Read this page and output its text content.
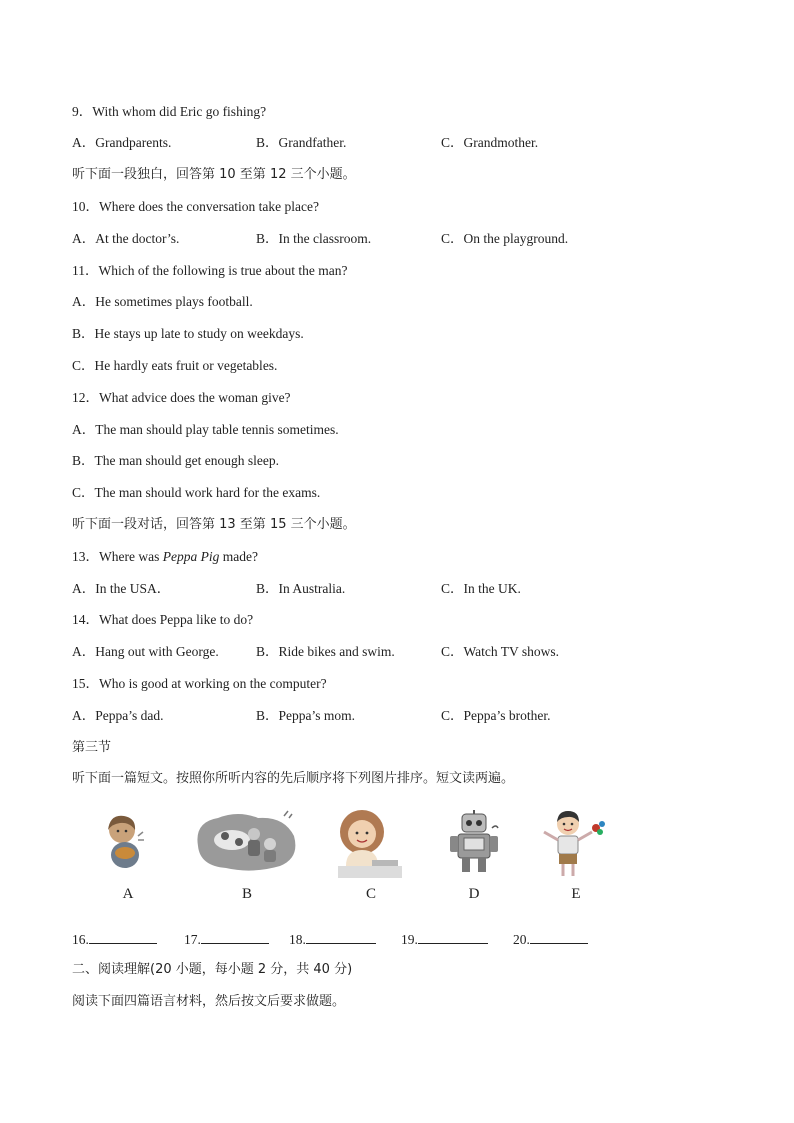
9．With whom did Eric go fishing?
A．Grandparents.	B．Grandfather.	C．Grandmother.
听下面一段独白，回答第 10 至第 12 三个小题。
10．Where does the conversation take place?
A．At the doctor’s.	B．In the classroom.	C．On the playground.
11．Which of the following is true about the man?
A．He sometimes plays football.
B．He stays up late to study on weekdays.
C．He hardly eats fruit or vegetables.
12．What advice does the woman give?
A．The man should play table tennis sometimes.
B．The man should get enough sleep.
C．The man should work hard for the exams.
听下面一段对话，回答第 13 至第 15 三个小题。
13．Where was Peppa Pig made?
A．In the USA．	B．In Australia.	C．In the UK.
14．What does Peppa like to do?
A．Hang out with George.	B．Ride bikes and swim.	C．Watch TV shows.
15．Who is good at working on the computer?
A．Peppa’s dad.	B．Peppa’s mom.	C．Peppa’s brother.
第三节
听下面一篇短文。按照你所听内容的先后顺序将下列图片排序。短文读两遍。
A	B	C	D	E
16.	17.	18.	19.	20.
二、阅读理解(20 小题，每小题 2 分，共 40 分)
阅读下面四篇语言材料，然后按文后要求做题。
